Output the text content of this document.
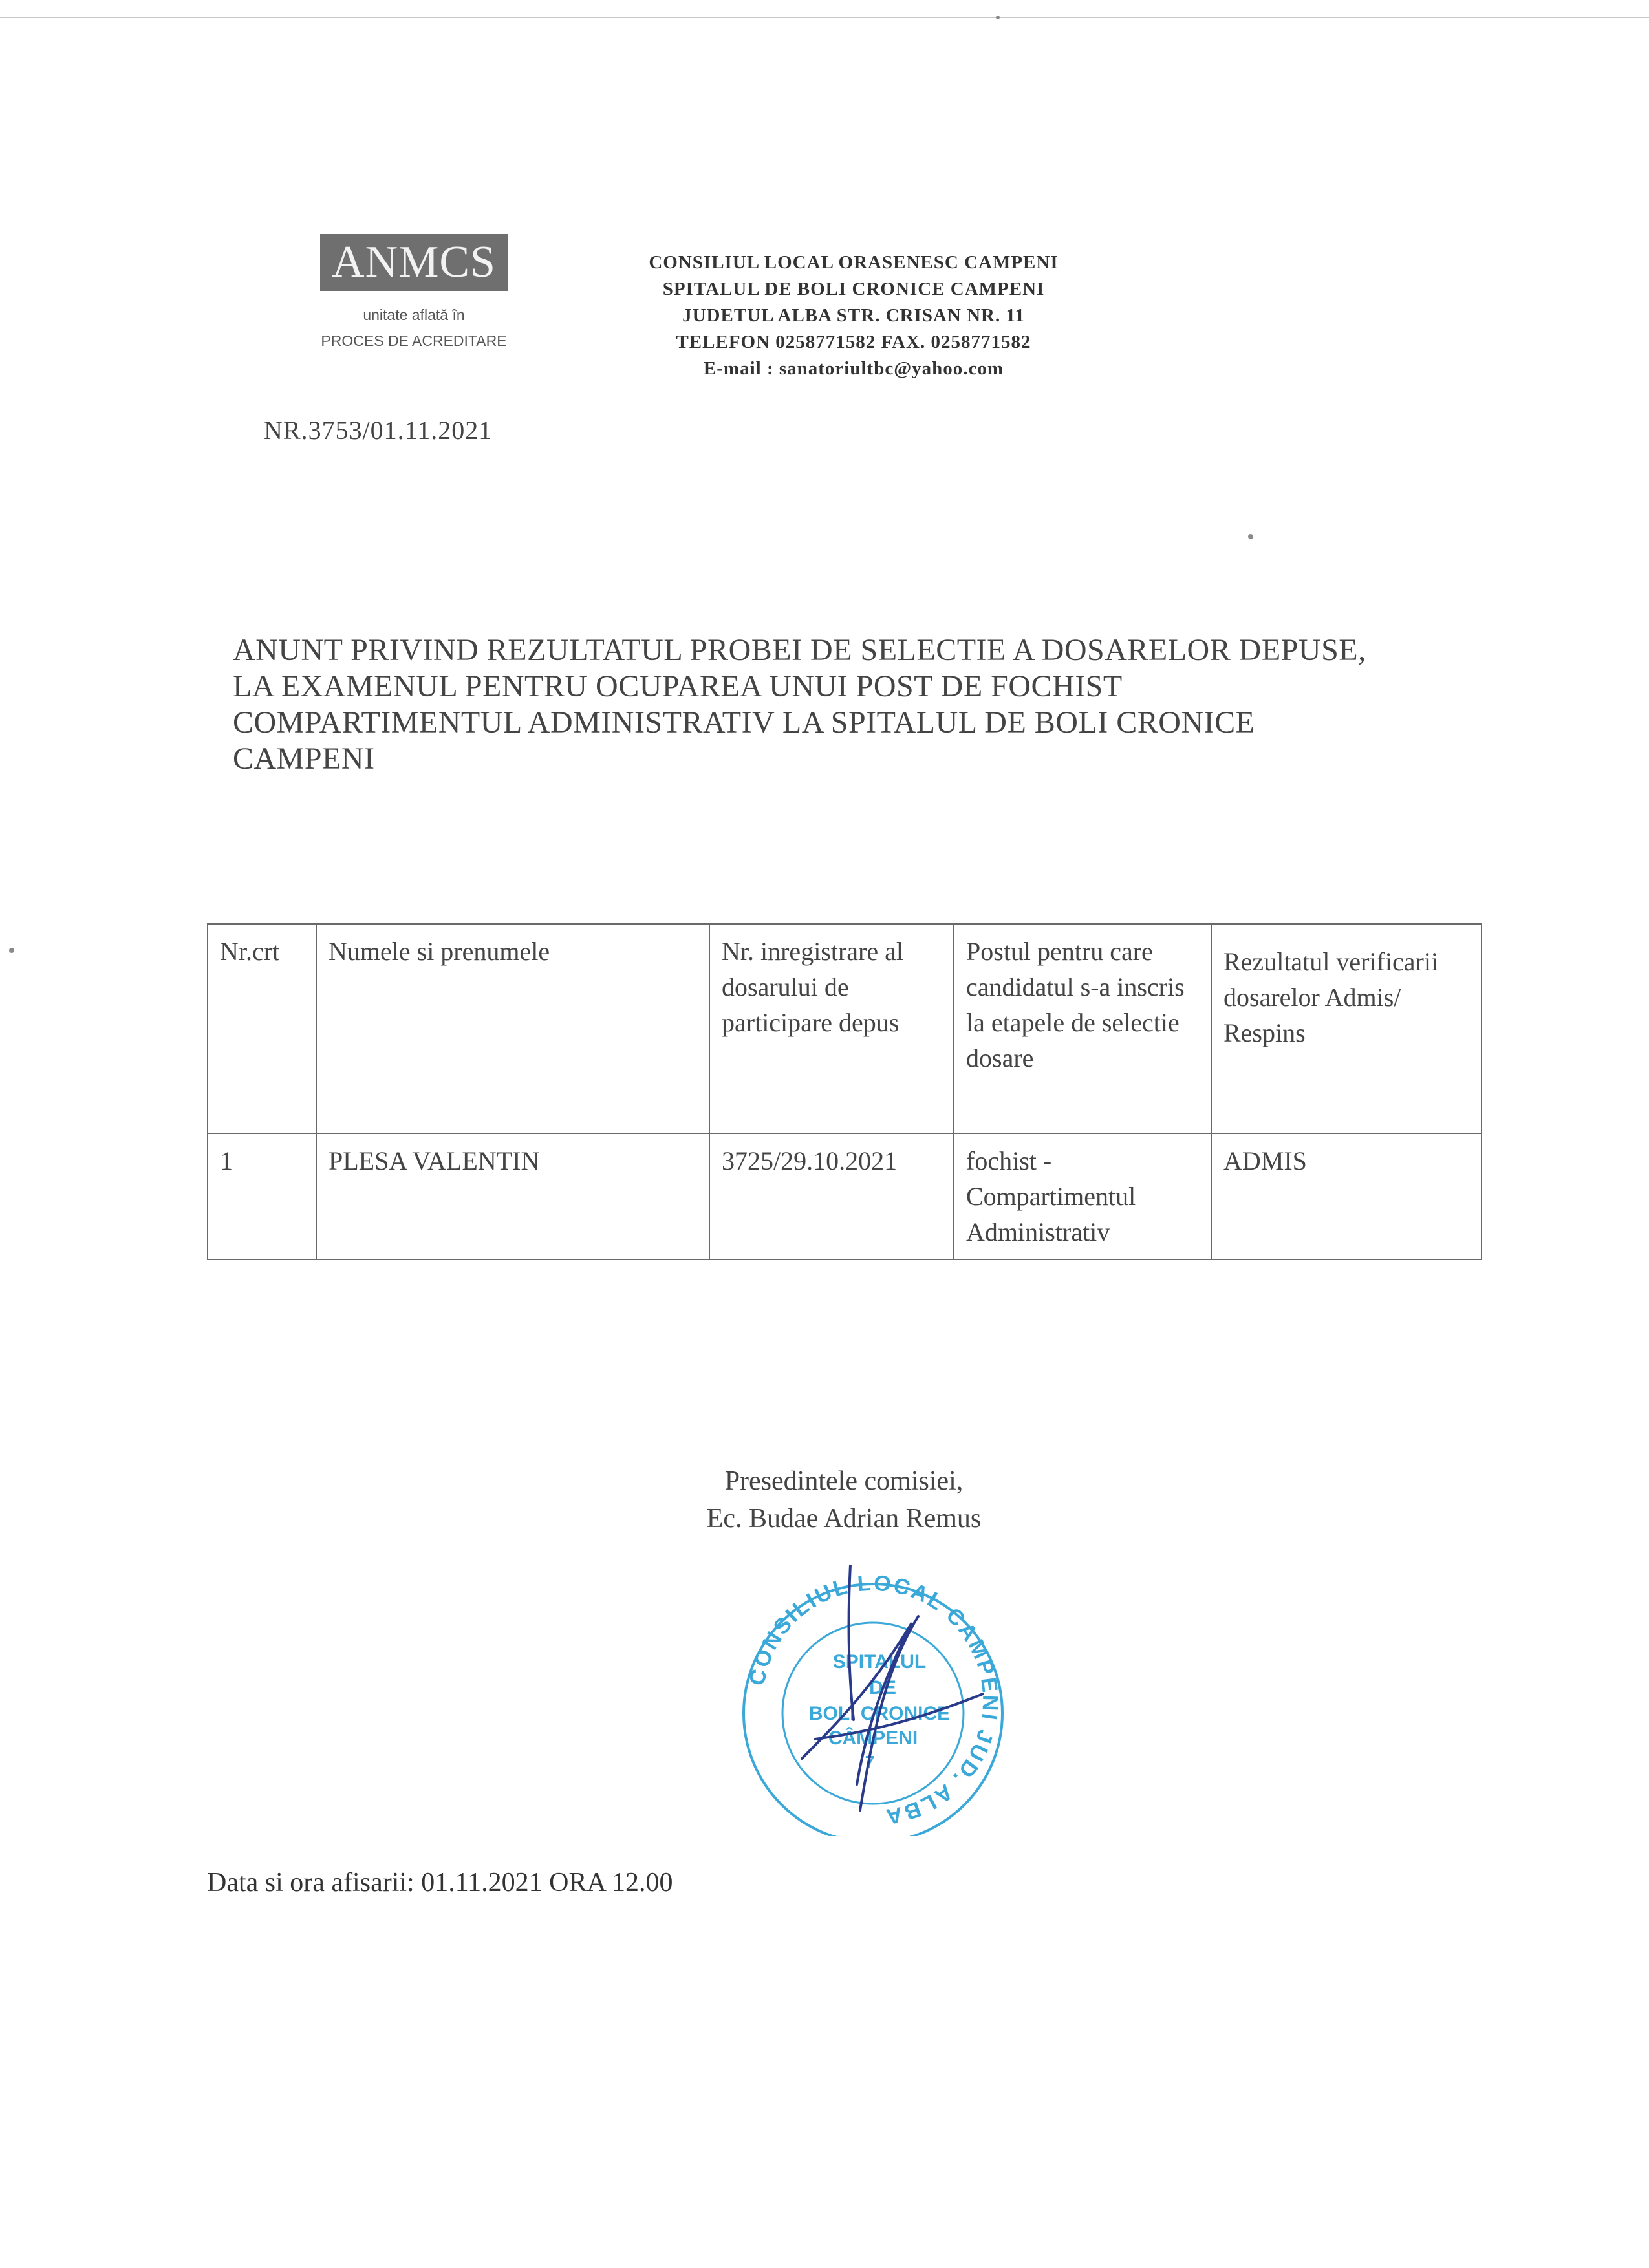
ANMCS
unitate aflată în
PROCES DE ACREDITARE
CONSILIUL LOCAL ORASENESC CAMPENI
SPITALUL DE BOLI CRONICE CAMPENI
JUDETUL ALBA STR. CRISAN NR. 11
TELEFON 0258771582 FAX. 0258771582
E-mail : sanatoriultbc@yahoo.com
NR.3753/01.11.2021
ANUNT PRIVIND REZULTATUL PROBEI DE SELECTIE A DOSARELOR DEPUSE,
LA EXAMENUL PENTRU OCUPAREA UNUI POST DE FOCHIST
COMPARTIMENTUL ADMINISTRATIV LA SPITALUL DE BOLI CRONICE
CAMPENI
Nr.crt	Numele si prenumele	Nr. inregistrare al dosarului de participare depus	Postul pentru care candidatul s-a inscris la etapele de selectie dosare	Rezultatul verificarii dosarelor Admis/ Respins
1	PLESA VALENTIN	3725/29.10.2021	fochist - Compartimentul Administrativ	ADMIS
Presedintele comisiei,
Ec. Budae Adrian Remus
CONSILIUL LOCAL CAMPENI JUD. ALBA
SPITALUL
DE
BOLI CRONICE
CÂMPENI
7
Data si ora afisarii: 01.11.2021 ORA 12.00
